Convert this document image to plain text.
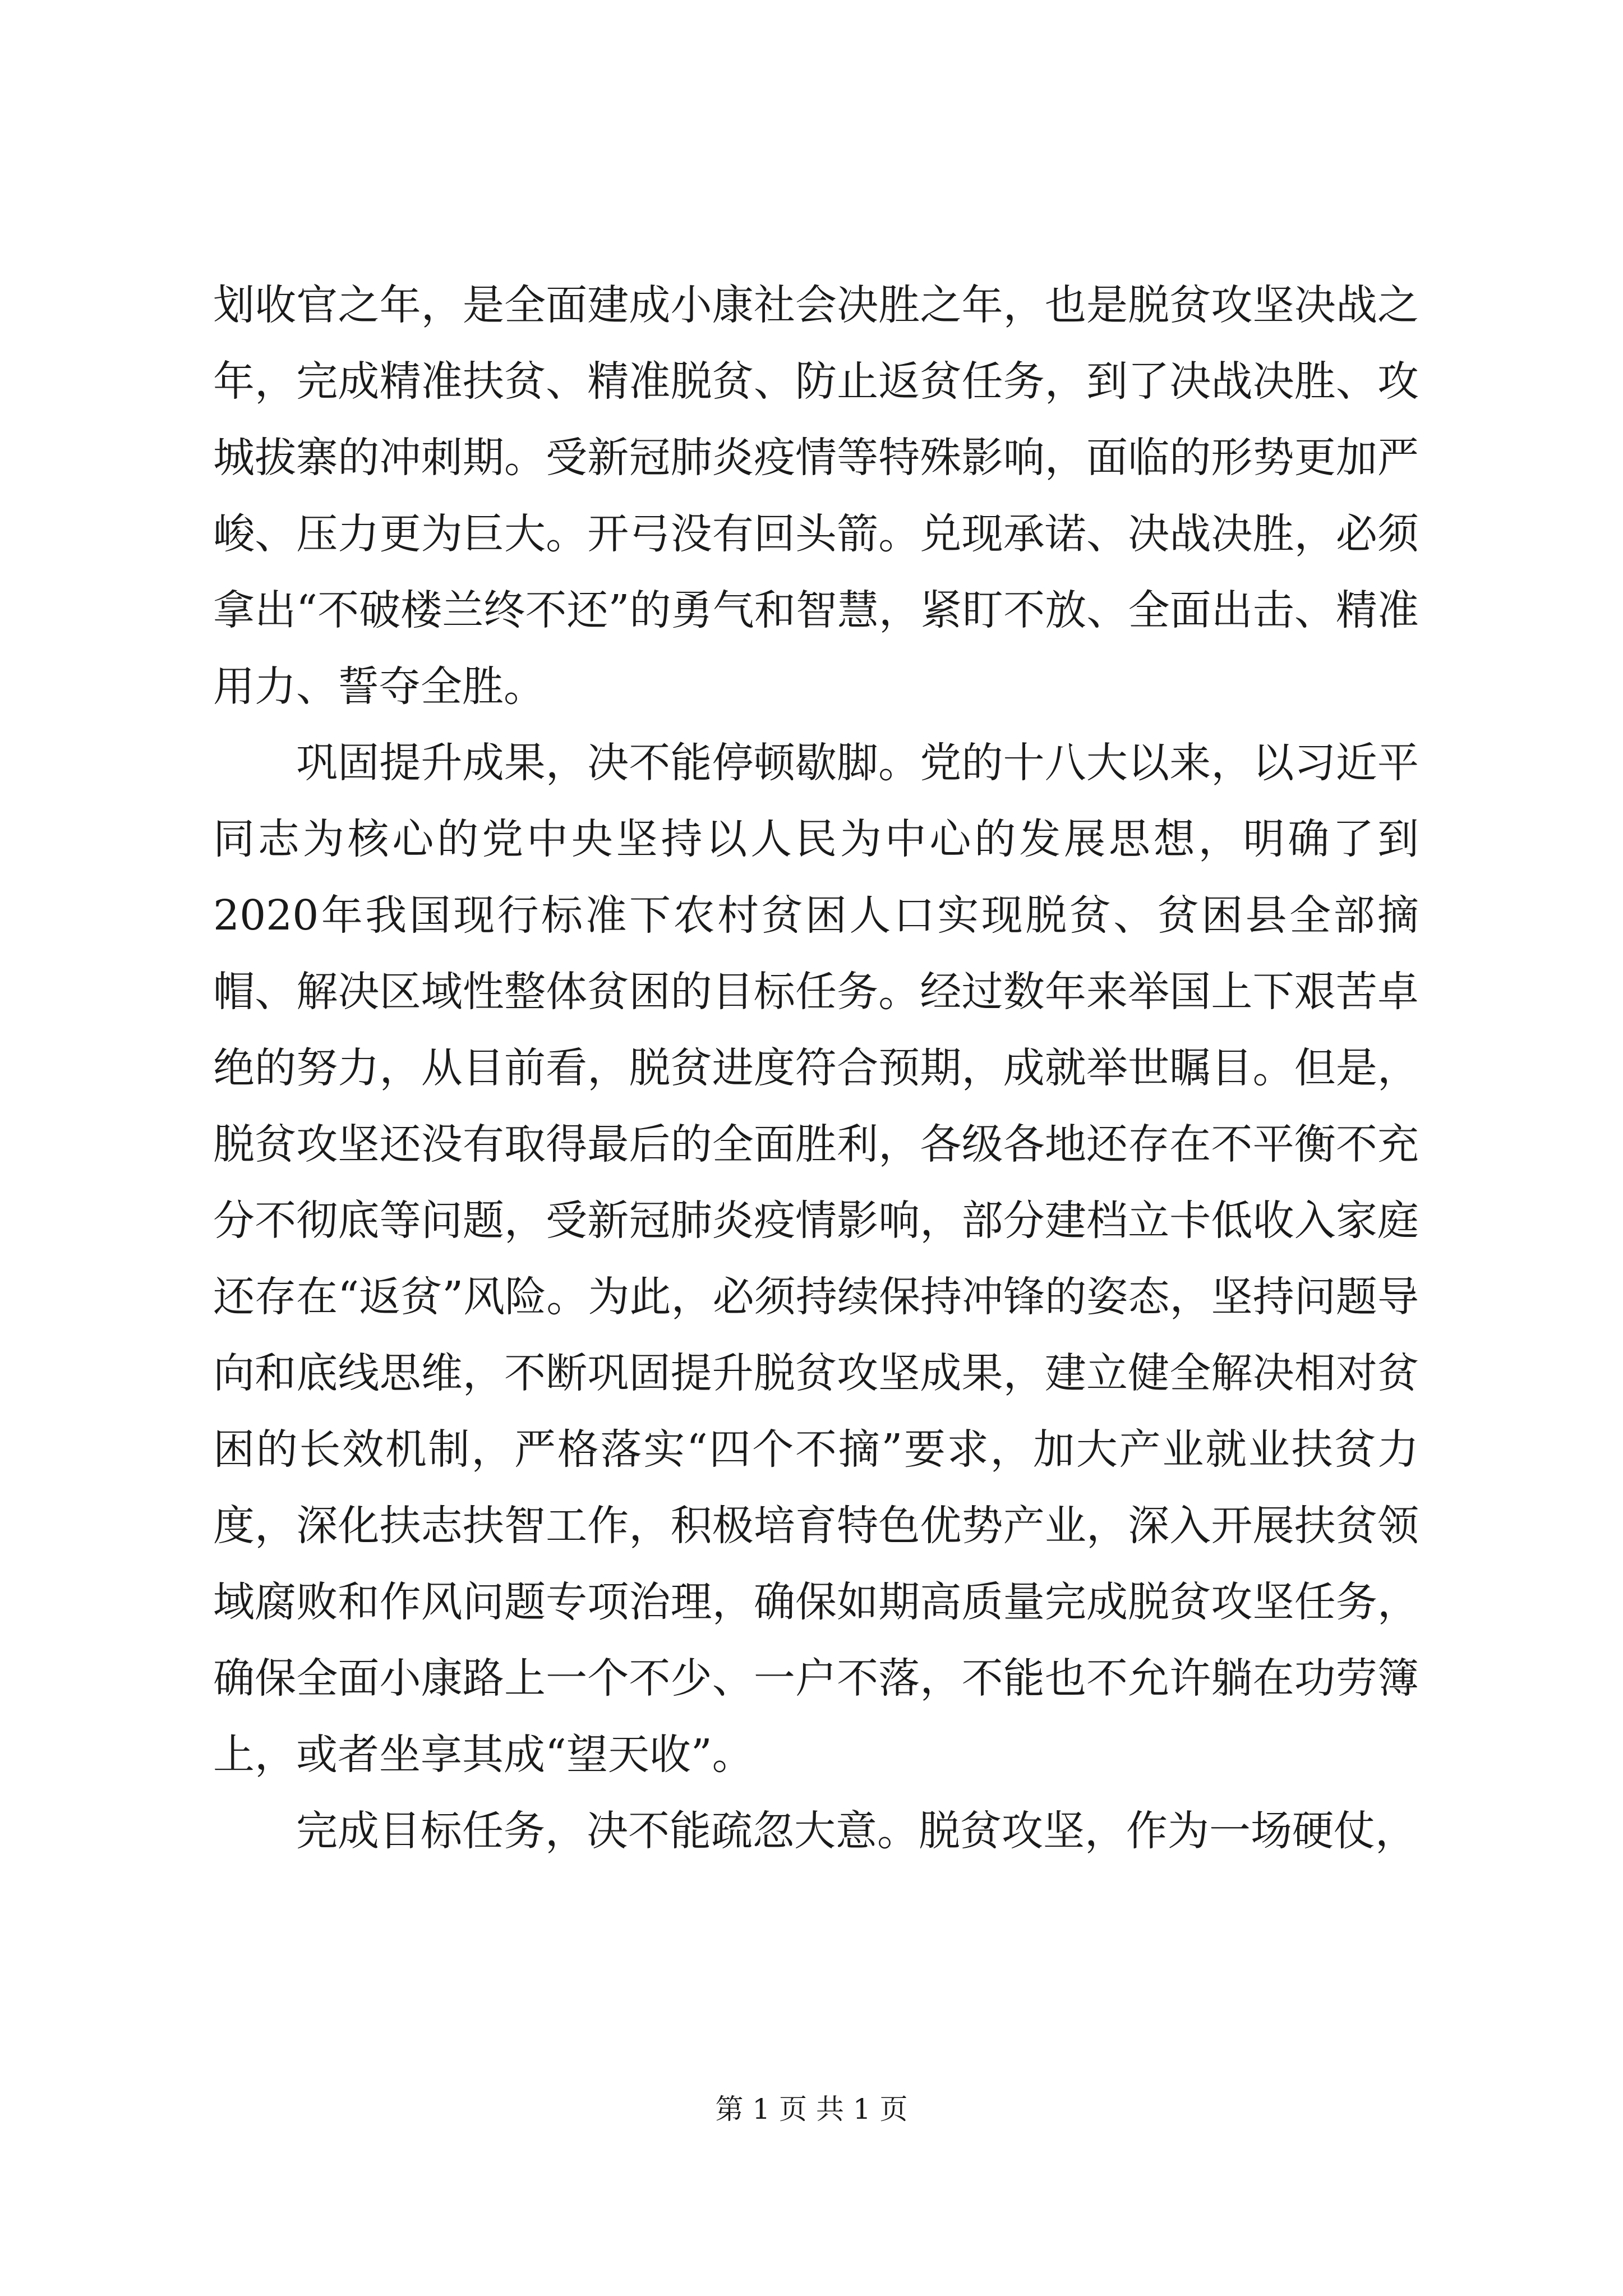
划收官之年，是全面建成小康社会决胜之年，也是脱贫攻坚决战之年，完成精准扶贫、精准脱贫、防止返贫任务，到了决战决胜、攻城拔寨的冲刺期。受新冠肺炎疫情等特殊影响，面临的形势更加严峻、压力更为巨大。开弓没有回头箭。兑现承诺、决战决胜，必须拿出“不破楼兰终不还”的勇气和智慧，紧盯不放、全面出击、精准用力、誓夺全胜。

巩固提升成果，决不能停顿歇脚。党的十八大以来，以习近平同志为核心的党中央坚持以人民为中心的发展思想，明确了到2020年我国现行标准下农村贫困人口实现脱贫、贫困县全部摘帽、解决区域性整体贫困的目标任务。经过数年来举国上下艰苦卓绝的努力，从目前看，脱贫进度符合预期，成就举世瞩目。但是，脱贫攻坚还没有取得最后的全面胜利，各级各地还存在不平衡不充分不彻底等问题，受新冠肺炎疫情影响，部分建档立卡低收入家庭还存在“返贫”风险。为此，必须持续保持冲锋的姿态，坚持问题导向和底线思维，不断巩固提升脱贫攻坚成果，建立健全解决相对贫困的长效机制，严格落实“四个不摘”要求，加大产业就业扶贫力度，深化扶志扶智工作，积极培育特色优势产业，深入开展扶贫领域腐败和作风问题专项治理，确保如期高质量完成脱贫攻坚任务，确保全面小康路上一个不少、一户不落，不能也不允许躺在功劳簿上，或者坐享其成“望天收”。

完成目标任务，决不能疏忽大意。脱贫攻坚，作为一场硬仗，

第 1 页 共 1 页
